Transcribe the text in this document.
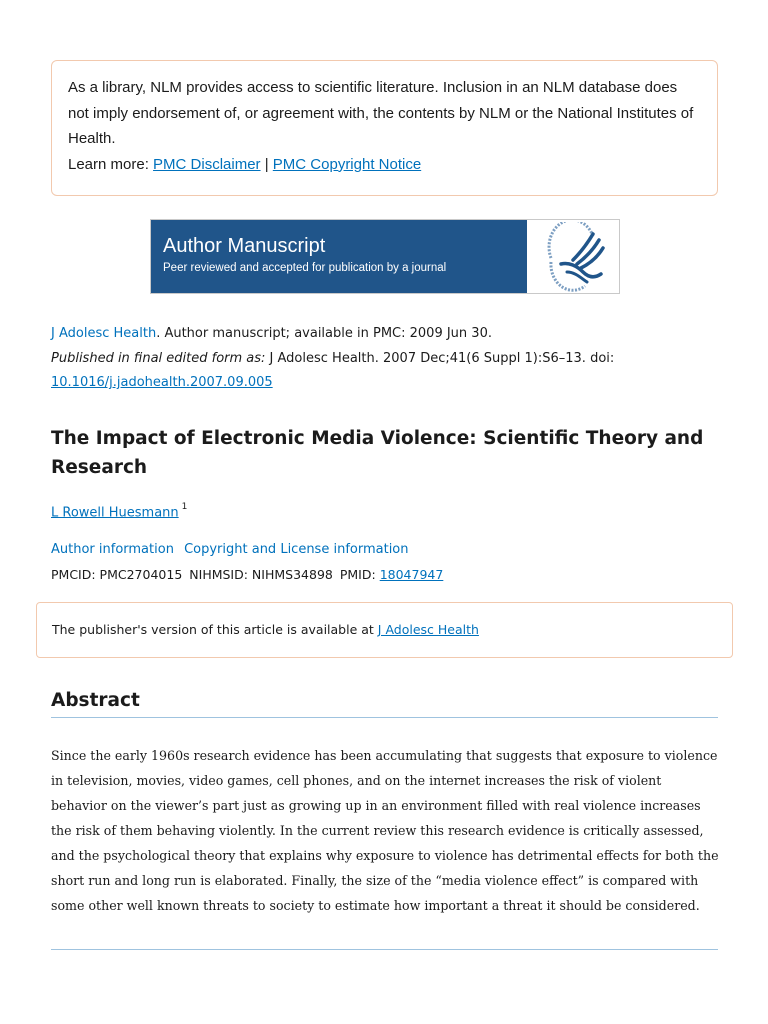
As a library, NLM provides access to scientific literature. Inclusion in an NLM database does
not imply endorsement of, or agreement with, the contents by NLM or the National Institutes of
Health.
Learn more: PMC Disclaimer | PMC Copyright Notice
Author Manuscript
Peer reviewed and accepted for publication by a journal
J Adolesc Health. Author manuscript; available in PMC: 2009 Jun 30.
Published in final edited form as: J Adolesc Health. 2007 Dec;41(6 Suppl 1):S6–13. doi:
10.1016/j.jadohealth.2007.09.005
The Impact of Electronic Media Violence: Scientific Theory and Research
L Rowell Huesmann $^1$
Author information Copyright and License information
PMCID: PMC2704015 NIHMSID: NIHMS34898 PMID: 18047947
The publisher's version of this article is available at J Adolesc Health
Abstract

Since the early 1960s research evidence has been accumulating that suggests that exposure to violence in television, movies, video games, cell phones, and on the internet increases the risk of violent behavior on the viewer’s part just as growing up in an environment filled with real violence increases the risk of them behaving violently. In the current review this research evidence is critically assessed, and the psychological theory that explains why exposure to violence has detrimental effects for both the short run and long run is elaborated. Finally, the size of the “media violence effect” is compared with some other well known threats to society to estimate how important a threat it should be considered.
